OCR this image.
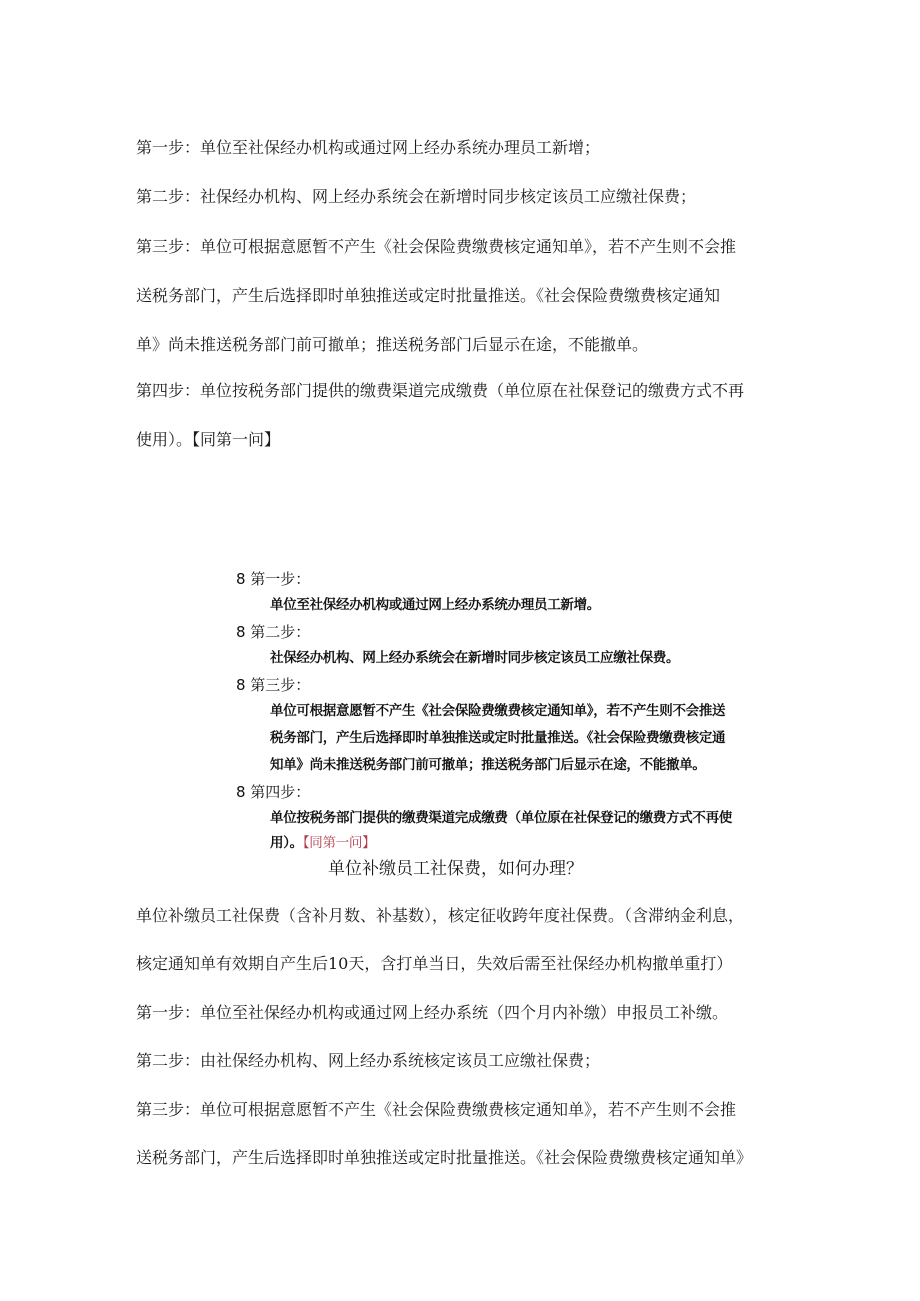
第一步：单位至社保经办机构或通过网上经办系统办理员工新增；

第二步：社保经办机构、网上经办系统会在新增时同步核定该员工应缴社保费；

第三步：单位可根据意愿暂不产生《社会保险费缴费核定通知单》，若不产生则不会推

送税务部门，产生后选择即时单独推送或定时批量推送。《社会保险费缴费核定通知

单》尚未推送税务部门前可撤单；推送税务部门后显示在途，不能撤单。

第四步：单位按税务部门提供的缴费渠道完成缴费（单位原在社保登记的缴费方式不再

使用）。【同第一问】

8 第一步：

单位至社保经办机构或通过网上经办系统办理员工新增。

8 第二步：

社保经办机构、网上经办系统会在新增时同步核定该员工应缴社保费。

8 第三步：

单位可根据意愿暂不产生《社会保险费缴费核定通知单》，若不产生则不会推送

税务部门，产生后选择即时单独推送或定时批量推送。《社会保险费缴费核定通

知单》尚未推送税务部门前可撤单；推送税务部门后显示在途，不能撤单。

8 第四步：

单位按税务部门提供的缴费渠道完成缴费（单位原在社保登记的缴费方式不再使

用）。【同第一问】

单位补缴员工社保费，如何办理？

单位补缴员工社保费（含补月数、补基数），核定征收跨年度社保费。（含滞纳金利息，

核定通知单有效期自产生后10天，含打单当日，失效后需至社保经办机构撤单重打）

第一步：单位至社保经办机构或通过网上经办系统（四个月内补缴）申报员工补缴。

第二步：由社保经办机构、网上经办系统核定该员工应缴社保费；

第三步：单位可根据意愿暂不产生《社会保险费缴费核定通知单》，若不产生则不会推

送税务部门，产生后选择即时单独推送或定时批量推送。《社会保险费缴费核定通知单》
